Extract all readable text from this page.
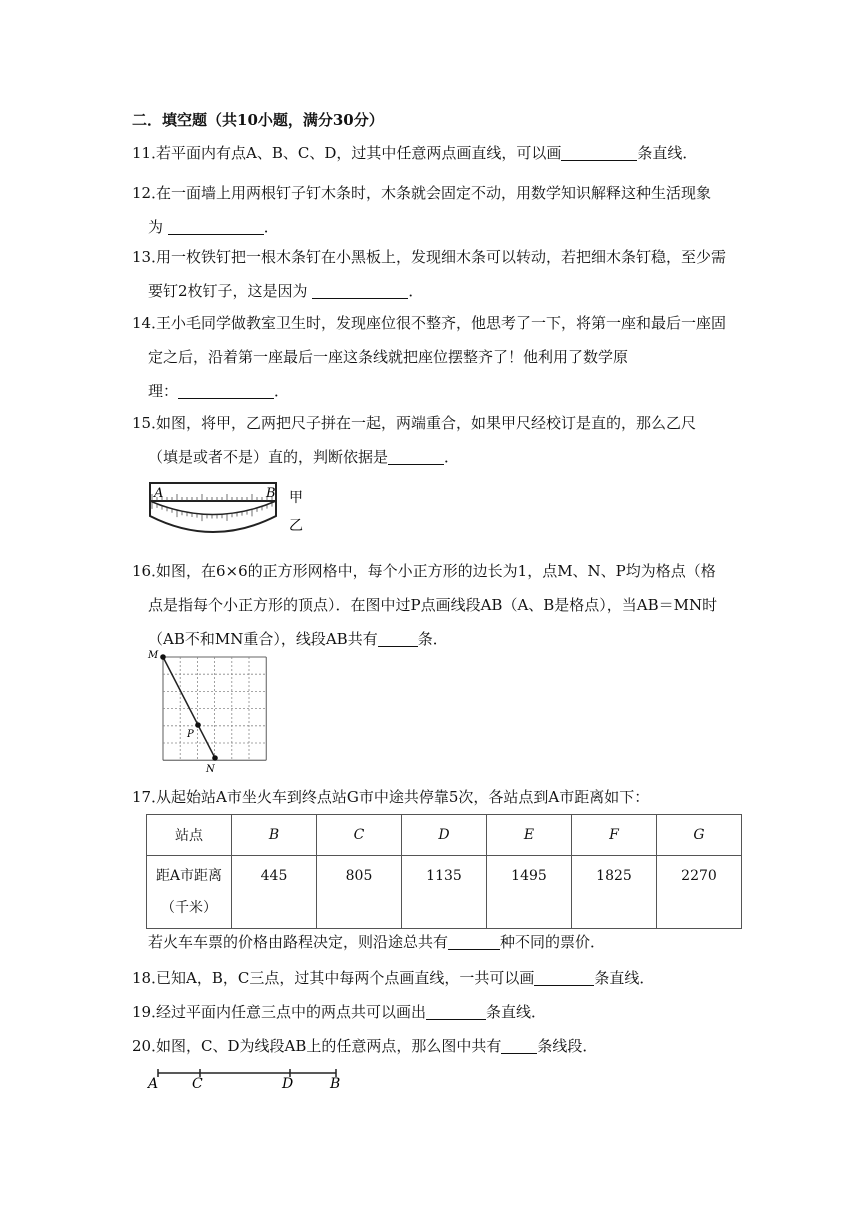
二．填空题（共10小题，满分30分）
11．若平面内有点A、B、C、D，过其中任意两点画直线，可以画	条直线．
12．在一面墙上用两根钉子钉木条时，木条就会固定不动，用数学知识解释这种生活现象
为	．
13．用一枚铁钉把一根木条钉在小黑板上，发现细木条可以转动，若把细木条钉稳，至少需
要钉2枚钉子，这是因为	．
14．王小毛同学做教室卫生时，发现座位很不整齐，他思考了一下，将第一座和最后一座固
定之后，沿着第一座最后一座这条线就把座位摆整齐了！他利用了数学原
理：	．
15．如图，将甲，乙两把尺子拼在一起，两端重合，如果甲尺经校订是直的，那么乙尺
（填是或者不是）直的，判断依据是	．
A	B 甲
乙
16．如图，在6×6的正方形网格中，每个小正方形的边长为1，点M、N、P均为格点（格
点是指每个小正方形的顶点）．在图中过P点画线段AB（A、B是格点），当AB＝MN时
（AB不和MN重合），线段AB共有	条．
M
P
N
17．从起始站A市坐火车到终点站G市中途共停靠5次，各站点到A市距离如下：
站点	B	C	D	E	F	G

距A市距离
（千米）	445	805	1135	1495	1825	2270
若火车车票的价格由路程决定，则沿途总共有	种不同的票价．
18．已知A，B，C三点，过其中每两个点画直线，一共可以画	条直线．
19．经过平面内任意三点中的两点共可以画出	条直线．
20．如图，C、D为线段AB上的任意两点，那么图中共有 条线段．
A C	D	B
